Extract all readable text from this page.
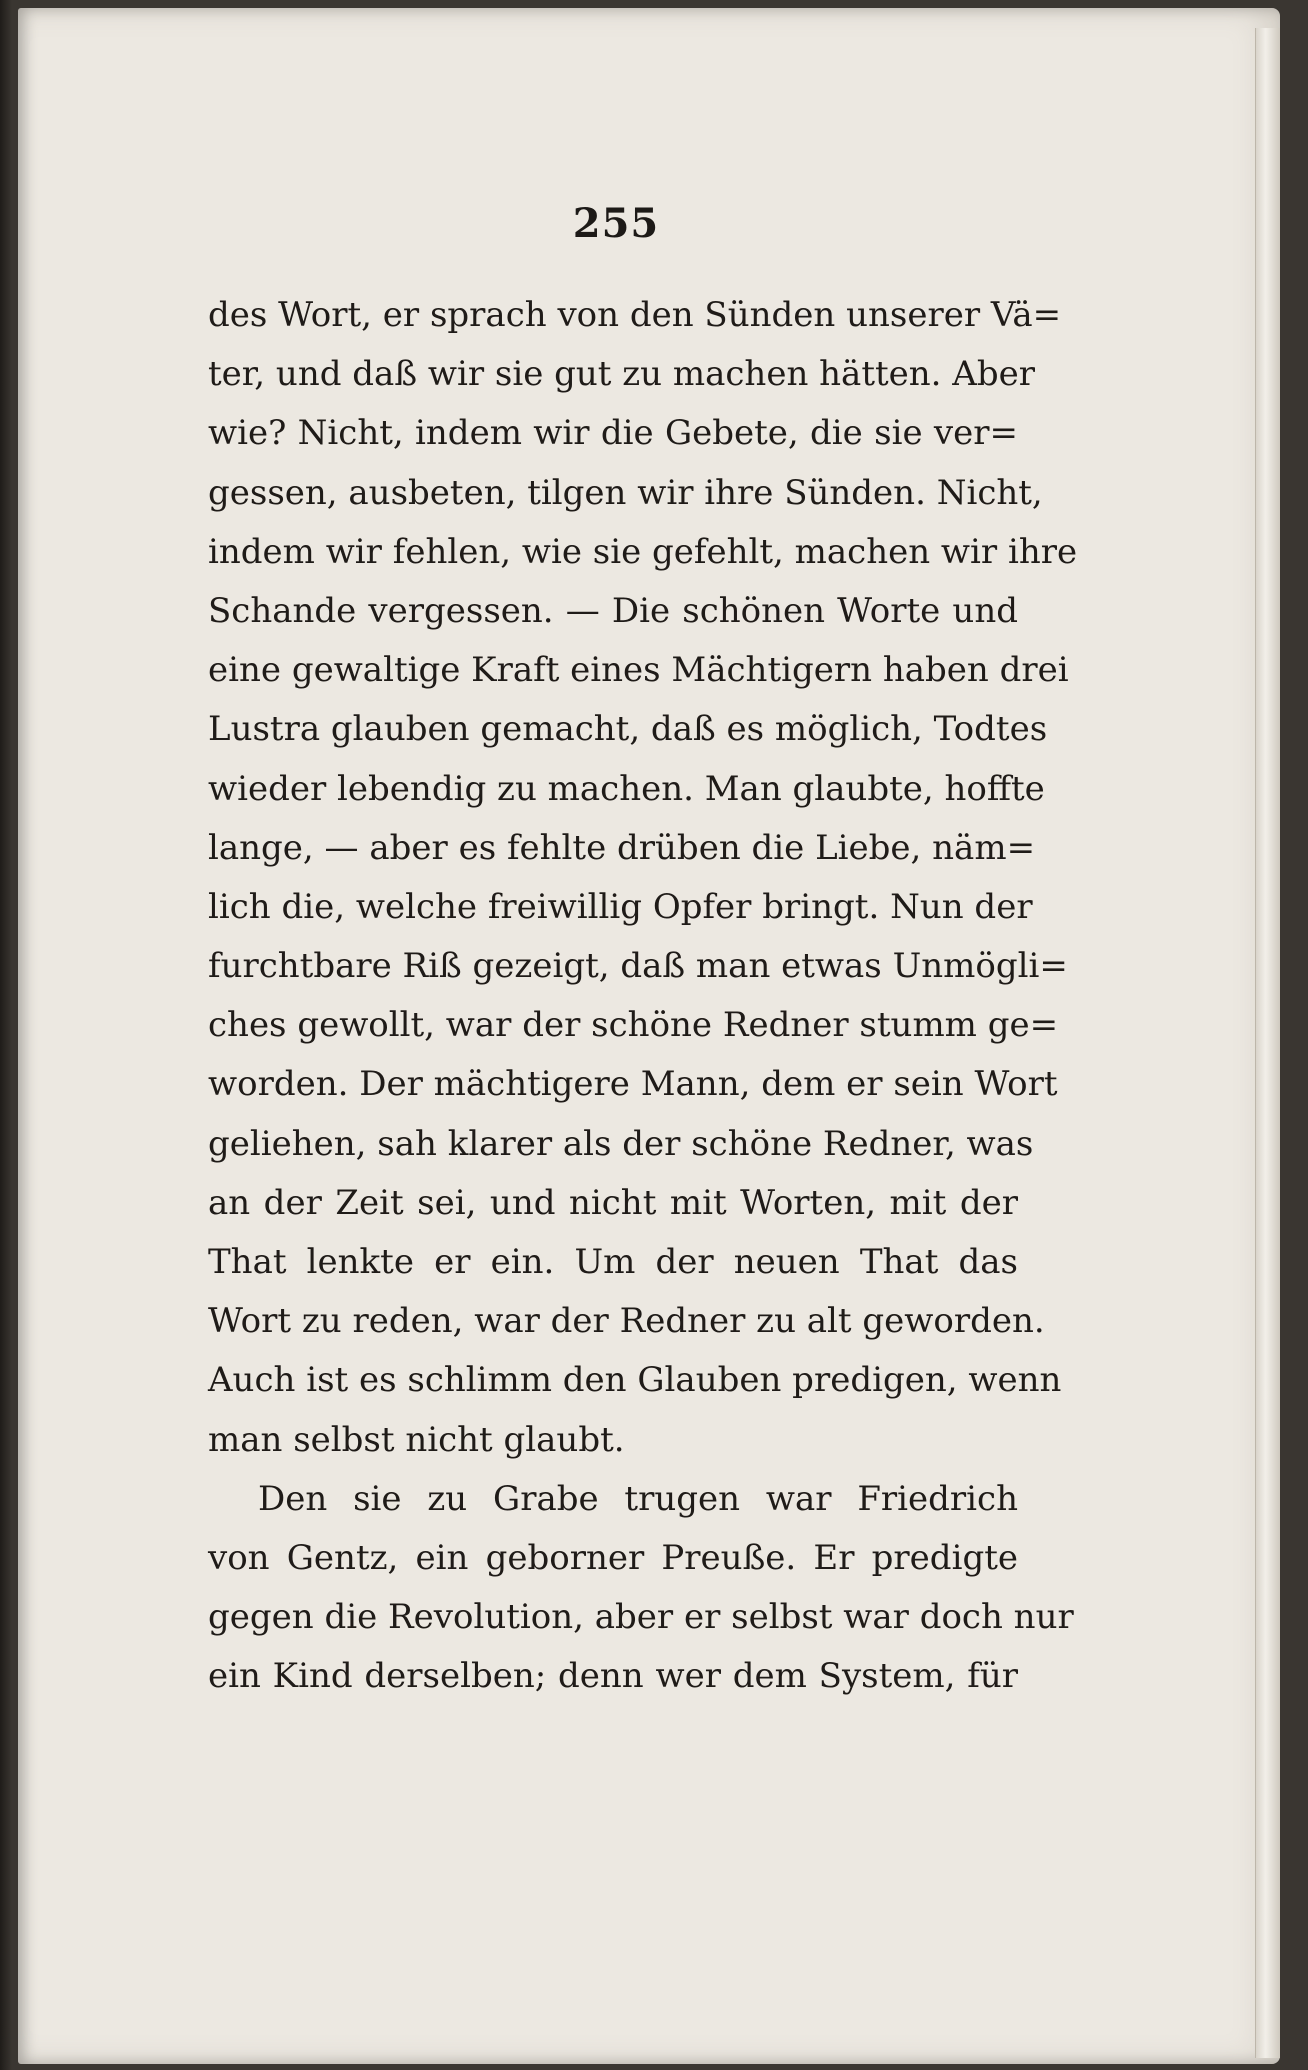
255
des Wort, er sprach von den Sünden unserer Vä=
ter, und daß wir sie gut zu machen hätten. Aber
wie? Nicht, indem wir die Gebete, die sie ver=
gessen, ausbeten, tilgen wir ihre Sünden. Nicht,
indem wir fehlen, wie sie gefehlt, machen wir ihre
Schande vergessen. — Die schönen Worte und
eine gewaltige Kraft eines Mächtigern haben drei
Lustra glauben gemacht, daß es möglich, Todtes
wieder lebendig zu machen. Man glaubte, hoffte
lange, — aber es fehlte drüben die Liebe, näm=
lich die, welche freiwillig Opfer bringt. Nun der
furchtbare Riß gezeigt, daß man etwas Unmögli=
ches gewollt, war der schöne Redner stumm ge=
worden. Der mächtigere Mann, dem er sein Wort
geliehen, sah klarer als der schöne Redner, was
an der Zeit sei, und nicht mit Worten, mit der
That lenkte er ein. Um der neuen That das
Wort zu reden, war der Redner zu alt geworden.
Auch ist es schlimm den Glauben predigen, wenn
man selbst nicht glaubt.
Den sie zu Grabe trugen war Friedrich
von Gentz, ein geborner Preuße. Er predigte
gegen die Revolution, aber er selbst war doch nur
ein Kind derselben; denn wer dem System, für
